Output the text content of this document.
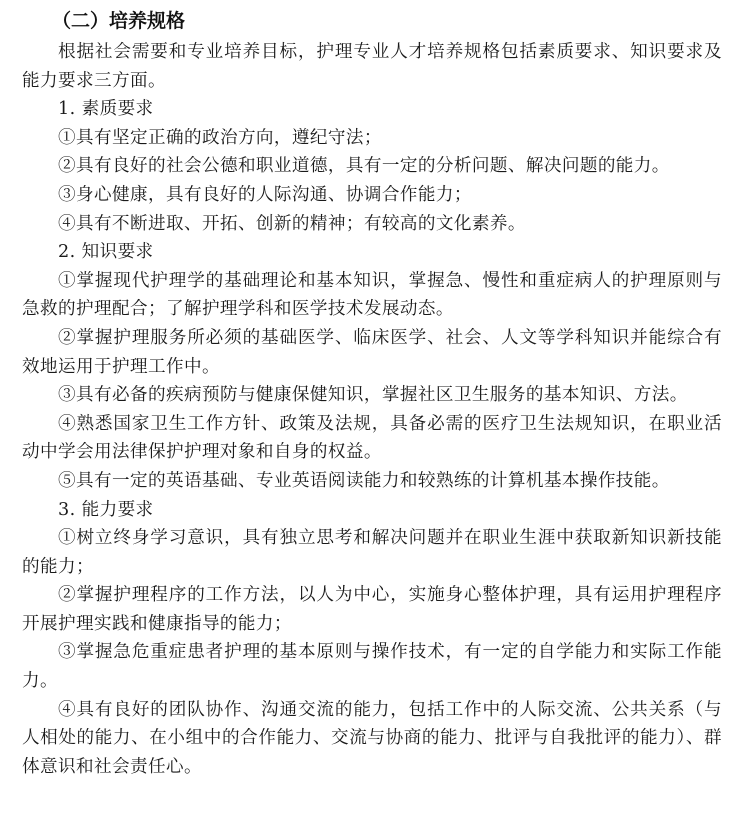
（二）培养规格

根据社会需要和专业培养目标，护理专业人才培养规格包括素质要求、知识要求及能力要求三方面。

1. 素质要求

①具有坚定正确的政治方向，遵纪守法；

②具有良好的社会公德和职业道德，具有一定的分析问题、解决问题的能力。

③身心健康，具有良好的人际沟通、协调合作能力；

④具有不断进取、开拓、创新的精神；有较高的文化素养。

2. 知识要求

①掌握现代护理学的基础理论和基本知识，掌握急、慢性和重症病人的护理原则与急救的护理配合；了解护理学科和医学技术发展动态。

②掌握护理服务所必须的基础医学、临床医学、社会、人文等学科知识并能综合有效地运用于护理工作中。

③具有必备的疾病预防与健康保健知识，掌握社区卫生服务的基本知识、方法。

④熟悉国家卫生工作方针、政策及法规，具备必需的医疗卫生法规知识，在职业活动中学会用法律保护护理对象和自身的权益。

⑤具有一定的英语基础、专业英语阅读能力和较熟练的计算机基本操作技能。

3. 能力要求

①树立终身学习意识，具有独立思考和解决问题并在职业生涯中获取新知识新技能的能力；

②掌握护理程序的工作方法，以人为中心，实施身心整体护理，具有运用护理程序开展护理实践和健康指导的能力；

③掌握急危重症患者护理的基本原则与操作技术，有一定的自学能力和实际工作能力。

④具有良好的团队协作、沟通交流的能力，包括工作中的人际交流、公共关系（与人相处的能力、在小组中的合作能力、交流与协商的能力、批评与自我批评的能力）、群体意识和社会责任心。
